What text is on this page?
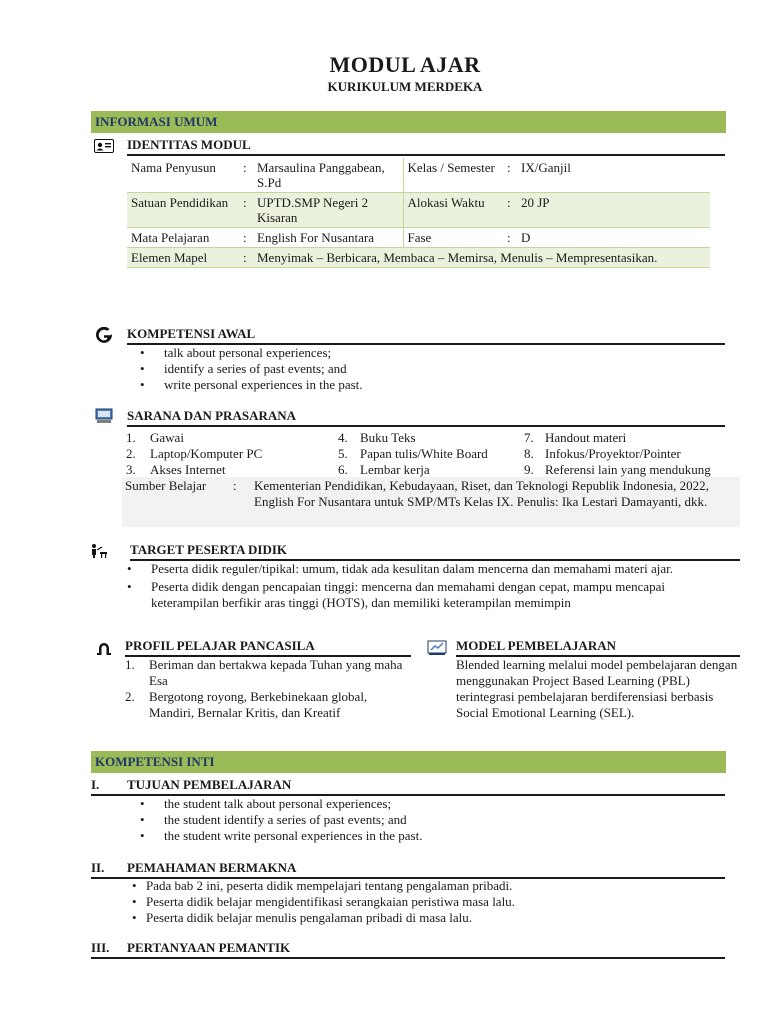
MODUL AJAR
KURIKULUM MERDEKA
INFORMASI UMUM
IDENTITAS MODUL
Nama Penyusun	:	Marsaulina Panggabean, S.Pd	Kelas / Semester	:	IX/Ganjil
Satuan Pendidikan	:	UPTD.SMP Negeri 2 Kisaran	Alokasi Waktu	:	20 JP
Mata Pelajaran	:	English For Nusantara	Fase	:	D
Elemen Mapel	:	Menyimak – Berbicara, Membaca – Memirsa, Menulis – Mempresentasikan.			
KOMPETENSI AWAL
• talk about personal experiences;
• identify a series of past events; and
• write personal experiences in the past.
SARANA DAN PRASARANA
1. Gawai
2. Laptop/Komputer PC
3. Akses Internet
4. Buku Teks
5. Papan tulis/White Board
6. Lembar kerja
7. Handout materi
8. Infokus/Proyektor/Pointer
9. Referensi lain yang mendukung
Sumber Belajar : Kementerian Pendidikan, Kebudayaan, Riset, dan Teknologi Republik Indonesia, 2022, English For Nusantara untuk SMP/MTs Kelas IX. Penulis: Ika Lestari Damayanti, dkk.
TARGET PESERTA DIDIK
• Peserta didik reguler/tipikal: umum, tidak ada kesulitan dalam mencerna dan memahami materi ajar.
• Peserta didik dengan pencapaian tinggi: mencerna dan memahami dengan cepat, mampu mencapai keterampilan berfikir aras tinggi (HOTS), dan memiliki keterampilan memimpin
PROFIL PELAJAR PANCASILA
1.	Beriman dan bertakwa kepada Tuhan yang maha Esa
2.	Bergotong royong, Berkebinekaan global, Mandiri, Bernalar Kritis, dan Kreatif
MODEL PEMBELAJARAN
Blended learning melalui model pembelajaran dengan menggunakan Project Based Learning (PBL) terintegrasi pembelajaran berdiferensiasi berbasis Social Emotional Learning (SEL).
KOMPETENSI INTI
I. TUJUAN PEMBELAJARAN
• the student talk about personal experiences;
• the student identify a series of past events; and
• the student write personal experiences in the past.
II. PEMAHAMAN BERMAKNA
• Pada bab 2 ini, peserta didik mempelajari tentang pengalaman pribadi.
• Peserta didik belajar mengidentifikasi serangkaian peristiwa masa lalu.
• Peserta didik belajar menulis pengalaman pribadi di masa lalu.
III. PERTANYAAN PEMANTIK
